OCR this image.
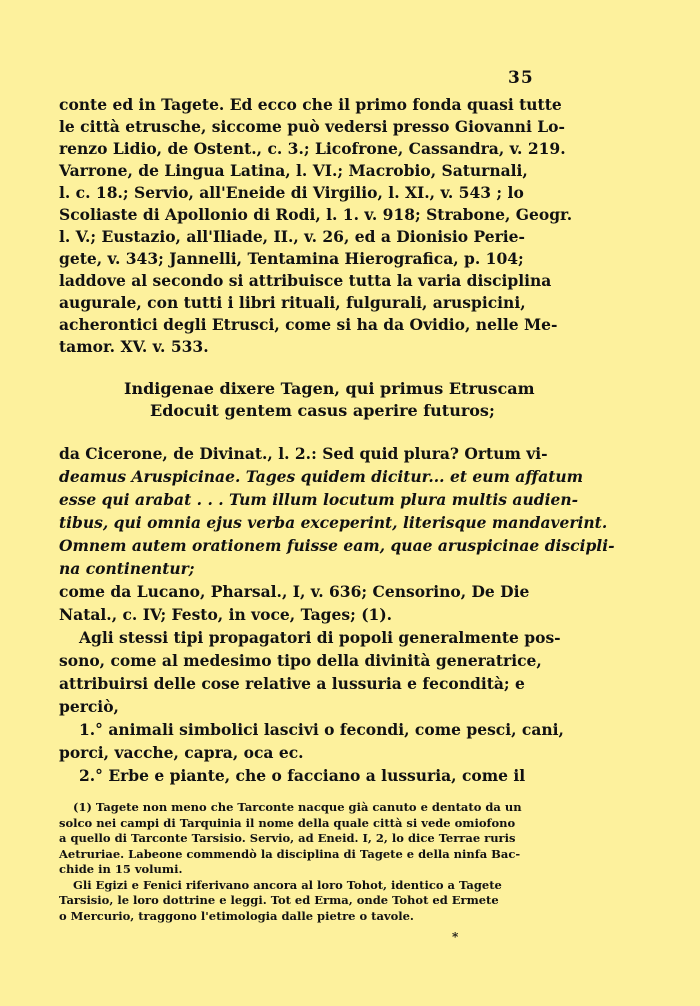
35
conte ed in Tagete. Ed ecco che il primo fonda quasi tutte
le città etrusche, siccome può vedersi presso Giovanni Lo-
renzo Lidio, de Ostent., c. 3.; Licofrone, Cassandra, v. 219.
Varrone, de Lingua Latina, l. VI.; Macrobio, Saturnali,
l. c. 18.; Servio, all'Eneide di Virgilio, l. XI., v. 543 ; lo
Scoliaste di Apollonio di Rodi, l. 1. v. 918; Strabone, Geogr.
l. V.; Eustazio, all'Iliade, II., v. 26, ed a Dionisio Perie-
gete, v. 343; Jannelli, Tentamina Hierografica, p. 104;
laddove al secondo si attribuisce tutta la varia disciplina
augurale, con tutti i libri rituali, fulgurali, aruspicini,
acherontici degli Etrusci, come si ha da Ovidio, nelle Me-
tamor. XV. v. 533.
Indigenae dixere Tagen, qui primus Etruscam
Edocuit gentem casus aperire futuros;
da Cicerone, de Divinat., l. 2.: Sed quid plura? Ortum vi-
deamus Aruspicinae. Tages quidem dicitur... et eum affatum
esse qui arabat . . . Tum illum locutum plura multis audien-
tibus, qui omnia ejus verba exceperint, literisque mandaverint.
Omnem autem orationem fuisse eam, quae aruspicinae discipli-
na continentur;
come da Lucano, Pharsal., I, v. 636; Censorino, De Die
Natal., c. IV; Festo, in voce, Tages; (1).
Agli stessi tipi propagatori di popoli generalmente pos-
sono, come al medesimo tipo della divinità generatrice,
attribuirsi delle cose relative a lussuria e fecondità; e
perciò,
1.° animali simbolici lascivi o fecondi, come pesci, cani,
porci, vacche, capra, oca ec.
2.° Erbe e piante, che o facciano a lussuria, come il
(1) Tagete non meno che Tarconte nacque già canuto e dentato da un
solco nei campi di Tarquinia il nome della quale città si vede omiofono
a quello di Tarconte Tarsisio. Servio, ad Eneid. I, 2, lo dice Terrae ruris
Aetruriae. Labeone commendò la disciplina di Tagete e della ninfa Bac-
chide in 15 volumi.
Gli Egizi e Fenici riferivano ancora al loro Tohot, identico a Tagete
Tarsisio, le loro dottrine e leggi. Tot ed Erma, onde Tohot ed Ermete
o Mercurio, traggono l'etimologia dalle pietre o tavole.
*
